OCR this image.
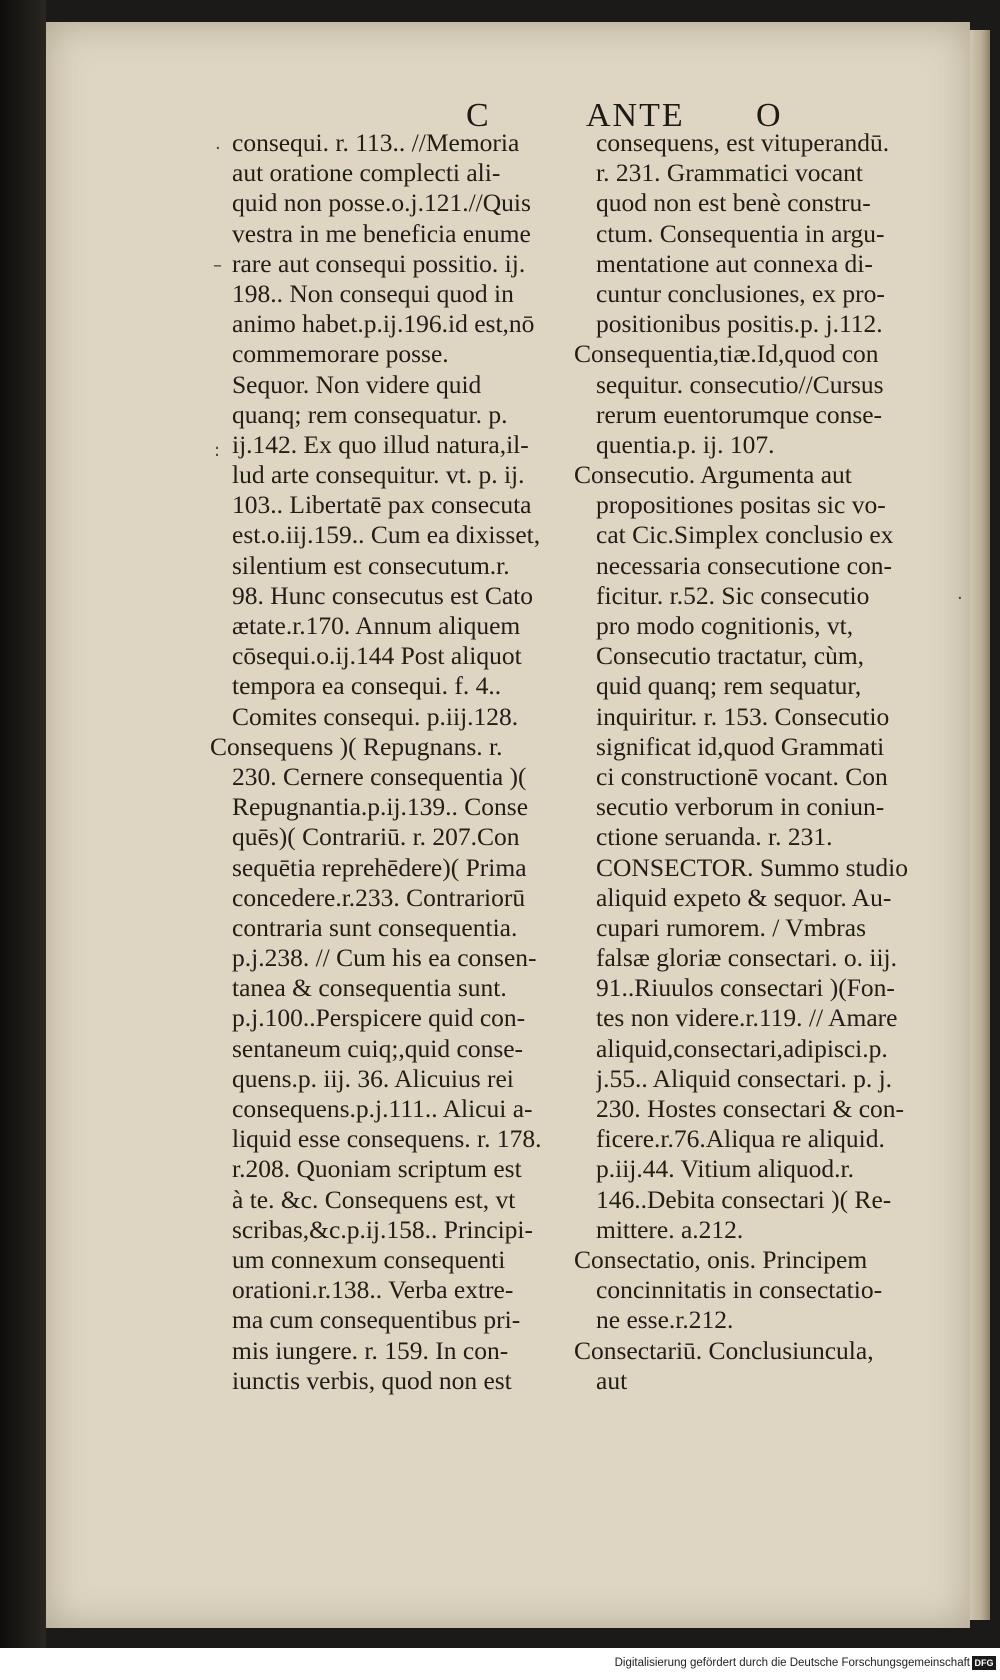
C	ANTE O
·
–
:
·
consequi. r. 113.. //Memoria
aut oratione complecti ali-
quid non posse.o.j.121.//Quis
vestra in me beneficia enume
rare aut consequi possitio. ij.
198.. Non consequi quod in
animo habet.p.ij.196.id est,nō
commemorare posse.
Sequor. Non videre quid
quanq; rem consequatur. p.
ij.142. Ex quo illud natura,il-
lud arte consequitur. vt. p. ij.
103.. Libertatē pax consecuta
est.o.iij.159.. Cum ea dixisset,
silentium est consecutum.r.
98. Hunc consecutus est Cato
ætate.r.170. Annum aliquem
cōsequi.o.ij.144 Post aliquot
tempora ea consequi. f. 4..
Comites consequi. p.iij.128.
Consequens )( Repugnans. r.
230. Cernere consequentia )(
Repugnantia.p.ij.139.. Conse
quēs)( Contrariū. r. 207.Con
sequētia reprehēdere)( Prima
concedere.r.233. Contrariorū
contraria sunt consequentia.
p.j.238. // Cum his ea consen-
tanea & consequentia sunt.
p.j.100..Perspicere quid con-
sentaneum cuiq;,quid conse-
quens.p. iij. 36. Alicuius rei
consequens.p.j.111.. Alicui a-
liquid esse consequens. r. 178.
r.208. Quoniam scriptum est
à te. &c. Consequens est, vt
scribas,&c.p.ij.158.. Principi-
um connexum consequenti
orationi.r.138.. Verba extre-
ma cum consequentibus pri-
mis iungere. r. 159. In con-
iunctis verbis, quod non est
consequens, est vituperandū.
r. 231. Grammatici vocant
quod non est benè constru-
ctum. Consequentia in argu-
mentatione aut connexa di-
cuntur conclusiones, ex pro-
positionibus positis.p. j.112.
Consequentia,tiæ.Id,quod con
sequitur. consecutio//Cursus
rerum euentorumque conse-
quentia.p. ij. 107.
Consecutio. Argumenta aut
propositiones positas sic vo-
cat Cic.Simplex conclusio ex
necessaria consecutione con-
ficitur. r.52. Sic consecutio
pro modo cognitionis, vt,
Consecutio tractatur, cùm,
quid quanq; rem sequatur,
inquiritur. r. 153. Consecutio
significat id,quod Grammati
ci constructionē vocant. Con
secutio verborum in coniun-
ctione seruanda. r. 231.
CONSECTOR. Summo studio
aliquid expeto & sequor. Au-
cupari rumorem. / Vmbras
falsæ gloriæ consectari. o. iij.
91..Riuulos consectari )(Fon-
tes non videre.r.119. // Amare
aliquid,consectari,adipisci.p.
j.55.. Aliquid consectari. p. j.
230. Hostes consectari & con-
ficere.r.76.Aliqua re aliquid.
p.iij.44. Vitium aliquod.r.
146..Debita consectari )( Re-
mittere. a.212.
Consectatio, onis. Principem
concinnitatis in consectatio-
ne esse.r.212.
Consectariū. Conclusiuncula,
aut
Digitalisierung gefördert durch die Deutsche Forschungsgemeinschaft DFG
